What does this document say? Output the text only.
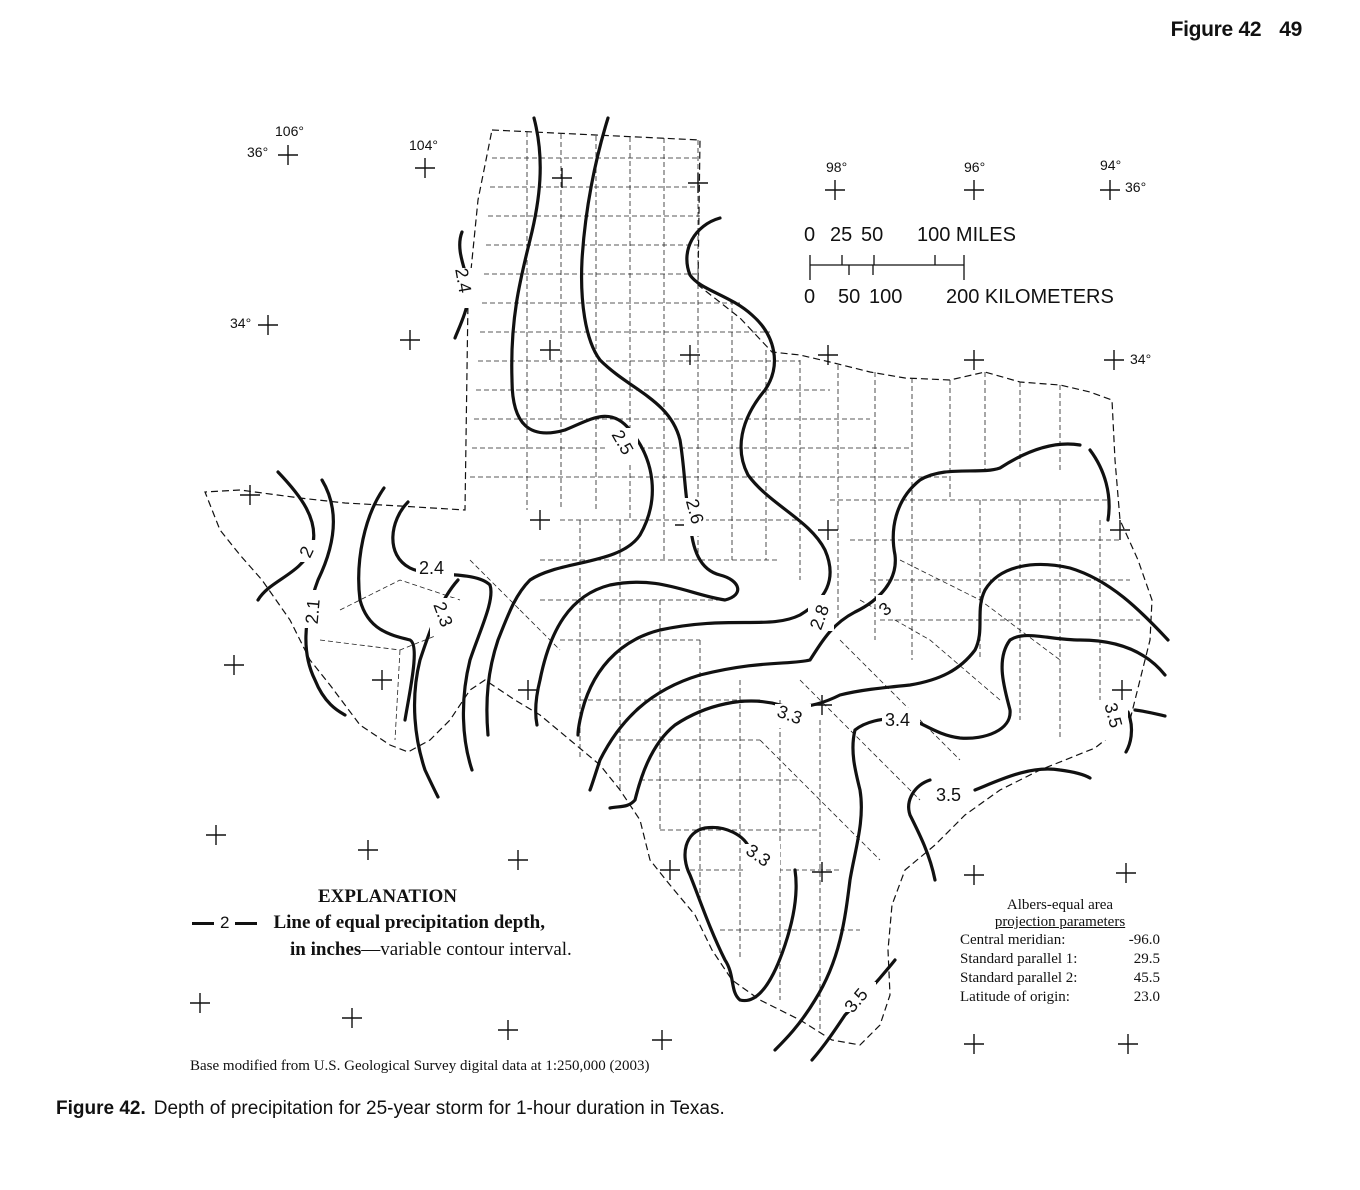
Figure 42 49
106°
36°	104°
98°	96°	94°
36°
34°
34°
0 25 50 100 MILES
0 50 100 200 KILOMETERS
2
2.1	2.3
2.4
2.4
2.5
2.6
2.8 3
3.3	3.4	3.5
3.5
3.3
3.5
EXPLANATION
2 Line of equal precipitation depth,
in inches—variable contour interval.
Albers-equal area
projection parameters
Central meridian:	-96.0
Standard parallel 1:	29.5
Standard parallel 2:	45.5
Latitude of origin:	23.0
Base modified from U.S. Geological Survey digital data at 1:250,000 (2003)
Figure 42. Depth of precipitation for 25-year storm for 1-hour duration in Texas.
